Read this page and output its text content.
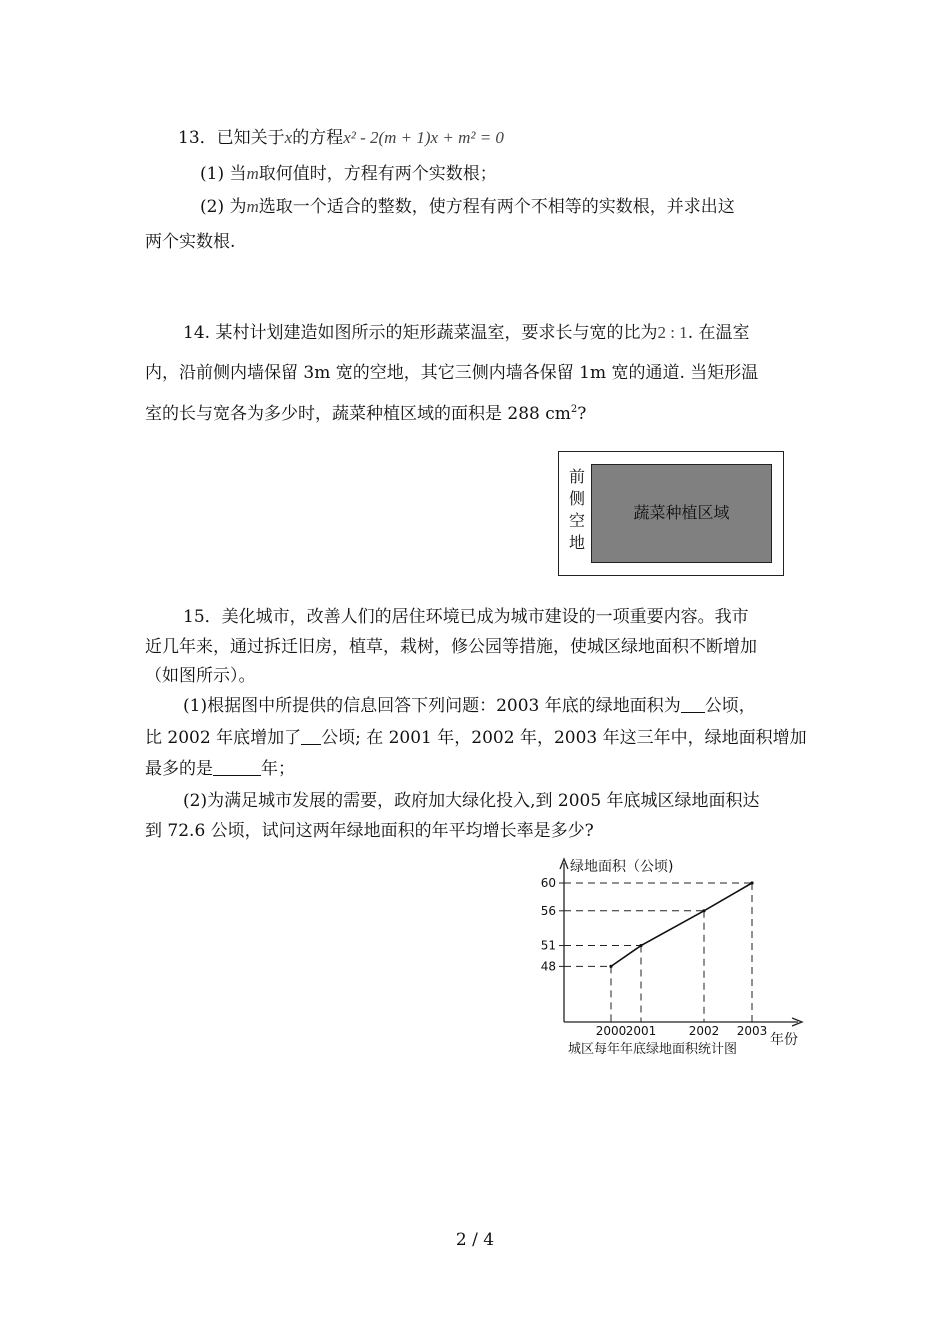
13．已知关于x的方程x² - 2(m + 1)x + m² = 0
(1) 当m取何值时，方程有两个实数根；
(2) 为m选取一个适合的整数，使方程有两个不相等的实数根，并求出这
两个实数根.
14. 某村计划建造如图所示的矩形蔬菜温室，要求长与宽的比为2 : 1. 在温室
内，沿前侧内墙保留 3m 宽的空地，其它三侧内墙各保留 1m 宽的通道. 当矩形温
室的长与宽各为多少时，蔬菜种植区域的面积是 288 $cm^2$?
蔬菜种植区域
前
侧
空
地
15．美化城市，改善人们的居住环境已成为城市建设的一项重要内容。我市
近几年来，通过拆迁旧房，植草，栽树，修公园等措施，使城区绿地面积不断增加
（如图所示）。
(1)根据图中所提供的信息回答下列问题：2003 年底的绿地面积为 公顷，
比 2002 年底增加了 公顷; 在 2001 年，2002 年，2003 年这三年中，绿地面积增加
最多的是	年；
(2)为满足城市发展的需要，政府加大绿化投入,到 2005 年底城区绿地面积达
到 72.6 公顷，试问这两年绿地面积的年平均增长率是多少?
绿地面积（公顷)
年份
城区每年年底绿地面积统计图
48
2000
51
2001
56
2002
60
2003
2 / 4
